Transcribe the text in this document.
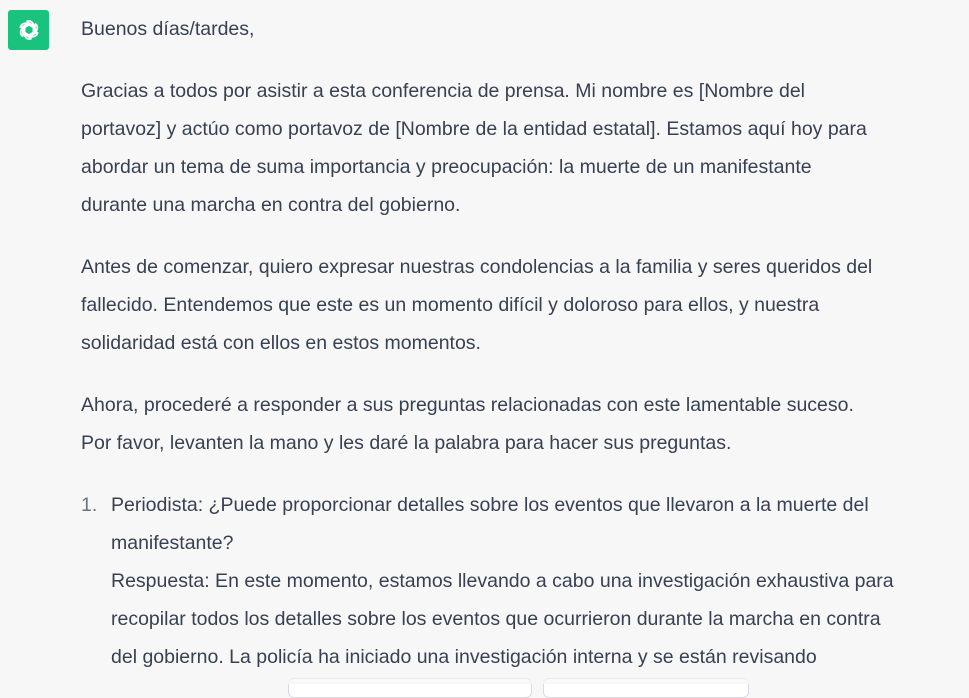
Buenos días/tardes,

Gracias a todos por asistir a esta conferencia de prensa. Mi nombre es [Nombre del
portavoz] y actúo como portavoz de [Nombre de la entidad estatal]. Estamos aquí hoy para
abordar un tema de suma importancia y preocupación: la muerte de un manifestante
durante una marcha en contra del gobierno.

Antes de comenzar, quiero expresar nuestras condolencias a la familia y seres queridos del
fallecido. Entendemos que este es un momento difícil y doloroso para ellos, y nuestra
solidaridad está con ellos en estos momentos.

Ahora, procederé a responder a sus preguntas relacionadas con este lamentable suceso.
Por favor, levanten la mano y les daré la palabra para hacer sus preguntas.

1. Periodista: ¿Puede proporcionar detalles sobre los eventos que llevaron a la muerte del
manifestante?
Respuesta: En este momento, estamos llevando a cabo una investigación exhaustiva para
recopilar todos los detalles sobre los eventos que ocurrieron durante la marcha en contra
del gobierno. La policía ha iniciado una investigación interna y se están revisando
